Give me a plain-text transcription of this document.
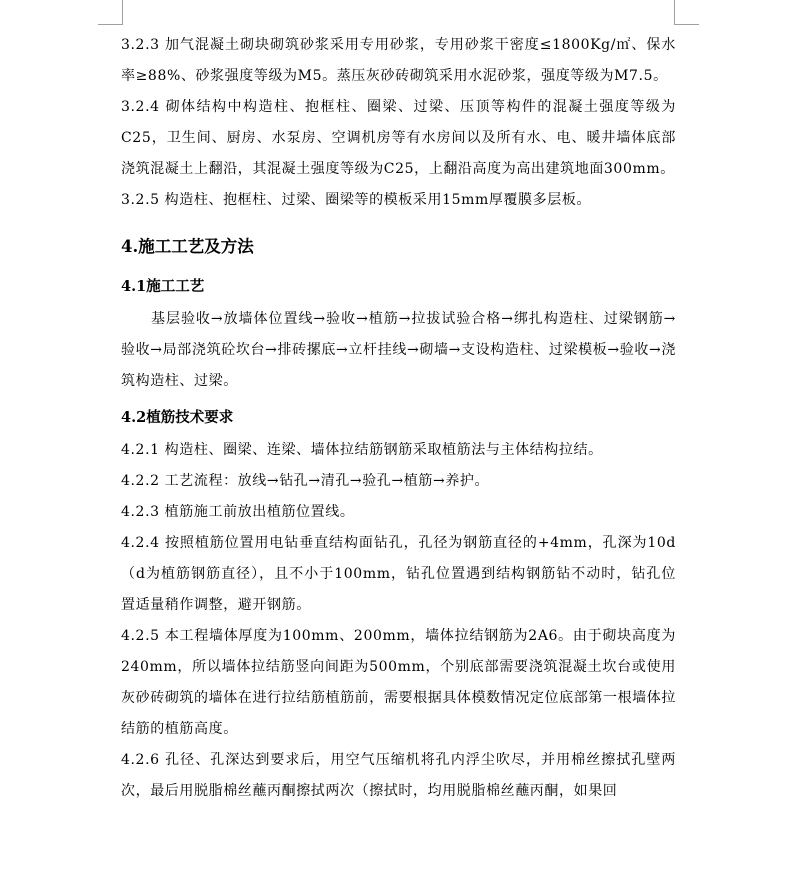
3.2.3 加气混凝土砌块砌筑砂浆采用专用砂浆，专用砂浆干密度≤1800Kg/㎡、保水率≥88%、砂浆强度等级为M5。蒸压灰砂砖砌筑采用水泥砂浆，强度等级为M7.5。

3.2.4 砌体结构中构造柱、抱框柱、圈梁、过梁、压顶等构件的混凝土强度等级为C25，卫生间、厨房、水泵房、空调机房等有水房间以及所有水、电、暖井墙体底部浇筑混凝土上翻沿，其混凝土强度等级为C25，上翻沿高度为高出建筑地面300mm。

3.2.5 构造柱、抱框柱、过梁、圈梁等的模板采用15mm厚覆膜多层板。

4.施工工艺及方法
4.1施工工艺

基层验收→放墙体位置线→验收→植筋→拉拔试验合格→绑扎构造柱、过梁钢筋→验收→局部浇筑砼坎台→排砖摞底→立杆挂线→砌墙→支设构造柱、过梁模板→验收→浇筑构造柱、过梁。

4.2植筋技术要求

4.2.1 构造柱、圈梁、连梁、墙体拉结筋钢筋采取植筋法与主体结构拉结。

4.2.2 工艺流程：放线→钻孔→清孔→验孔→植筋→养护。

4.2.3 植筋施工前放出植筋位置线。

4.2.4 按照植筋位置用电钻垂直结构面钻孔，孔径为钢筋直径的+4mm，孔深为10d（d为植筋钢筋直径），且不小于100mm，钻孔位置遇到结构钢筋钻不动时，钻孔位置适量稍作调整，避开钢筋。

4.2.5 本工程墙体厚度为100mm、200mm，墙体拉结钢筋为2A6。由于砌块高度为240mm，所以墙体拉结筋竖向间距为500mm，个别底部需要浇筑混凝土坎台或使用灰砂砖砌筑的墙体在进行拉结筋植筋前，需要根据具体模数情况定位底部第一根墙体拉结筋的植筋高度。

4.2.6 孔径、孔深达到要求后，用空气压缩机将孔内浮尘吹尽，并用棉丝擦拭孔壁两次，最后用脱脂棉丝蘸丙酮擦拭两次（擦拭时，均用脱脂棉丝蘸丙酮，如果回
